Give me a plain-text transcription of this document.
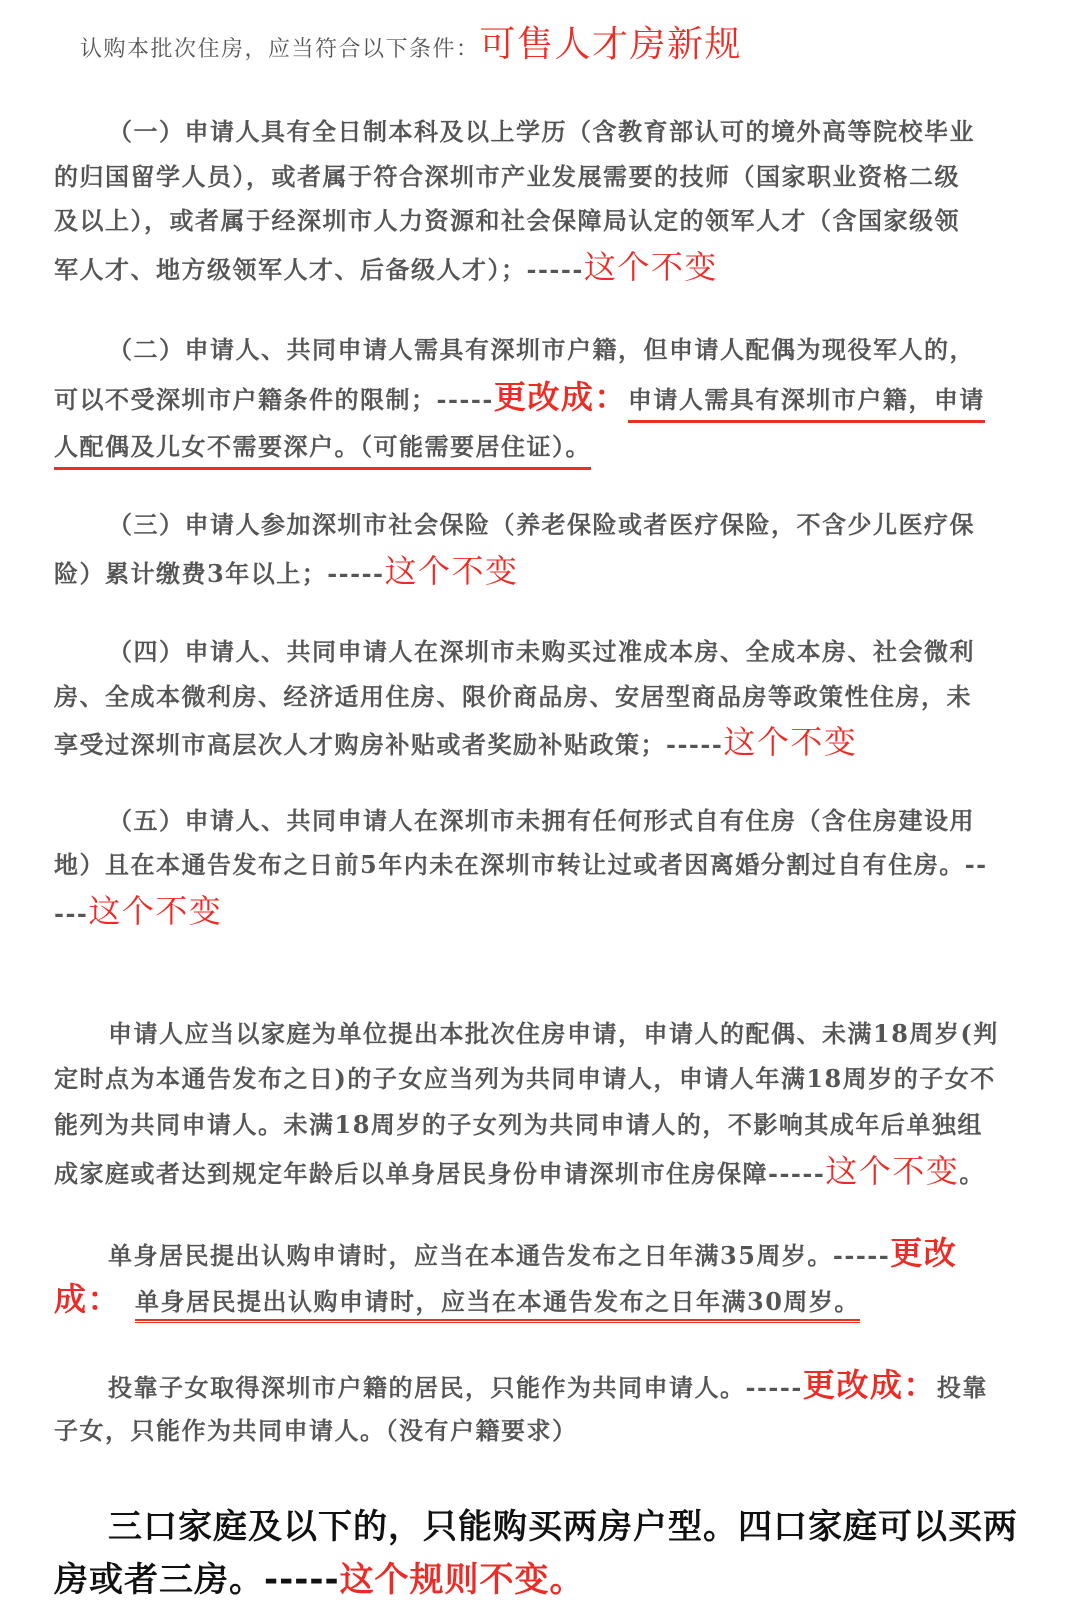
认购本批次住房，应当符合以下条件：可售人才房新规
（一）申请人具有全日制本科及以上学历（含教育部认可的境外高等院校毕业
的归国留学人员），或者属于符合深圳市产业发展需要的技师（国家职业资格二级
及以上），或者属于经深圳市人力资源和社会保障局认定的领军人才（含国家级领
军人才、地方级领军人才、后备级人才）；-----这个不变
（二）申请人、共同申请人需具有深圳市户籍，但申请人配偶为现役军人的，
可以不受深圳市户籍条件的限制；-----更改成：申请人需具有深圳市户籍，申请
人配偶及儿女不需要深户。（可能需要居住证）。
（三）申请人参加深圳市社会保险（养老保险或者医疗保险，不含少儿医疗保
险）累计缴费3年以上；-----这个不变
（四）申请人、共同申请人在深圳市未购买过准成本房、全成本房、社会微利
房、全成本微利房、经济适用住房、限价商品房、安居型商品房等政策性住房，未
享受过深圳市高层次人才购房补贴或者奖励补贴政策；-----这个不变
（五）申请人、共同申请人在深圳市未拥有任何形式自有住房（含住房建设用
地）且在本通告发布之日前5年内未在深圳市转让过或者因离婚分割过自有住房。--
---这个不变
申请人应当以家庭为单位提出本批次住房申请，申请人的配偶、未满18周岁(判
定时点为本通告发布之日)的子女应当列为共同申请人，申请人年满18周岁的子女不
能列为共同申请人。未满18周岁的子女列为共同申请人的，不影响其成年后单独组
成家庭或者达到规定年龄后以单身居民身份申请深圳市住房保障-----这个不变。
单身居民提出认购申请时，应当在本通告发布之日年满35周岁。-----更改
成： 单身居民提出认购申请时，应当在本通告发布之日年满30周岁。
投靠子女取得深圳市户籍的居民，只能作为共同申请人。-----更改成：投靠
子女，只能作为共同申请人。（没有户籍要求）
三口家庭及以下的，只能购买两房户型。四口家庭可以买两
房或者三房。-----这个规则不变。
